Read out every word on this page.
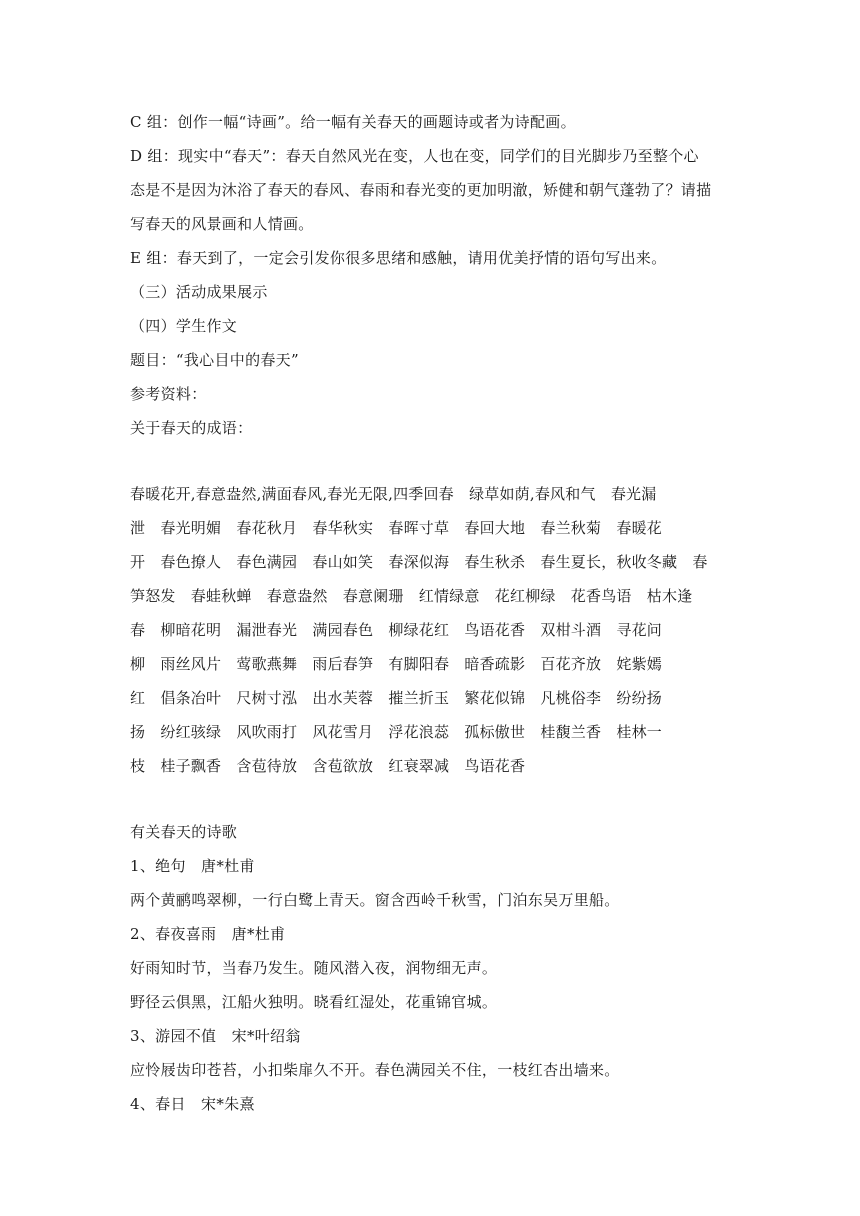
C 组：创作一幅“诗画”。给一幅有关春天的画题诗或者为诗配画。
D 组：现实中“春天”：春天自然风光在变，人也在变，同学们的目光脚步乃至整个心
态是不是因为沐浴了春天的春风、春雨和春光变的更加明澈，矫健和朝气蓬勃了？请描
写春天的风景画和人情画。
E 组：春天到了，一定会引发你很多思绪和感触，请用优美抒情的语句写出来。
（三）活动成果展示
（四）学生作文
题目：“我心目中的春天”
参考资料：
关于春天的成语：
春暖花开,春意盎然,满面春风,春光无限,四季回春　绿草如荫,春风和气　春光漏
泄　春光明媚　春花秋月　春华秋实　春晖寸草　春回大地　春兰秋菊　春暖花
开　春色撩人　春色满园　春山如笑　春深似海　春生秋杀　春生夏长，秋收冬藏　春
笋怒发　春蛙秋蝉　春意盎然　春意阑珊　红情绿意　花红柳绿　花香鸟语　枯木逢
春　柳暗花明　漏泄春光　满园春色　柳绿花红　鸟语花香　双柑斗酒　寻花问
柳　雨丝风片　莺歌燕舞　雨后春笋　有脚阳春　暗香疏影　百花齐放　姹紫嫣
红　倡条冶叶　尺树寸泓　出水芙蓉　摧兰折玉　繁花似锦　凡桃俗李　纷纷扬
扬　纷红骇绿　风吹雨打　风花雪月　浮花浪蕊　孤标傲世　桂馥兰香　桂林一
枝　桂子飘香　含苞待放　含苞欲放　红衰翠减　鸟语花香
有关春天的诗歌
1、绝句　唐*杜甫
两个黄鹂鸣翠柳，一行白鹭上青天。窗含西岭千秋雪，门泊东吴万里船。
2、春夜喜雨　唐*杜甫
好雨知时节，当春乃发生。随风潜入夜，润物细无声。
野径云俱黑，江船火独明。晓看红湿处，花重锦官城。
3、游园不值　宋*叶绍翁
应怜屐齿印苍苔，小扣柴扉久不开。春色满园关不住，一枝红杏出墙来。
4、春日　宋*朱熹
